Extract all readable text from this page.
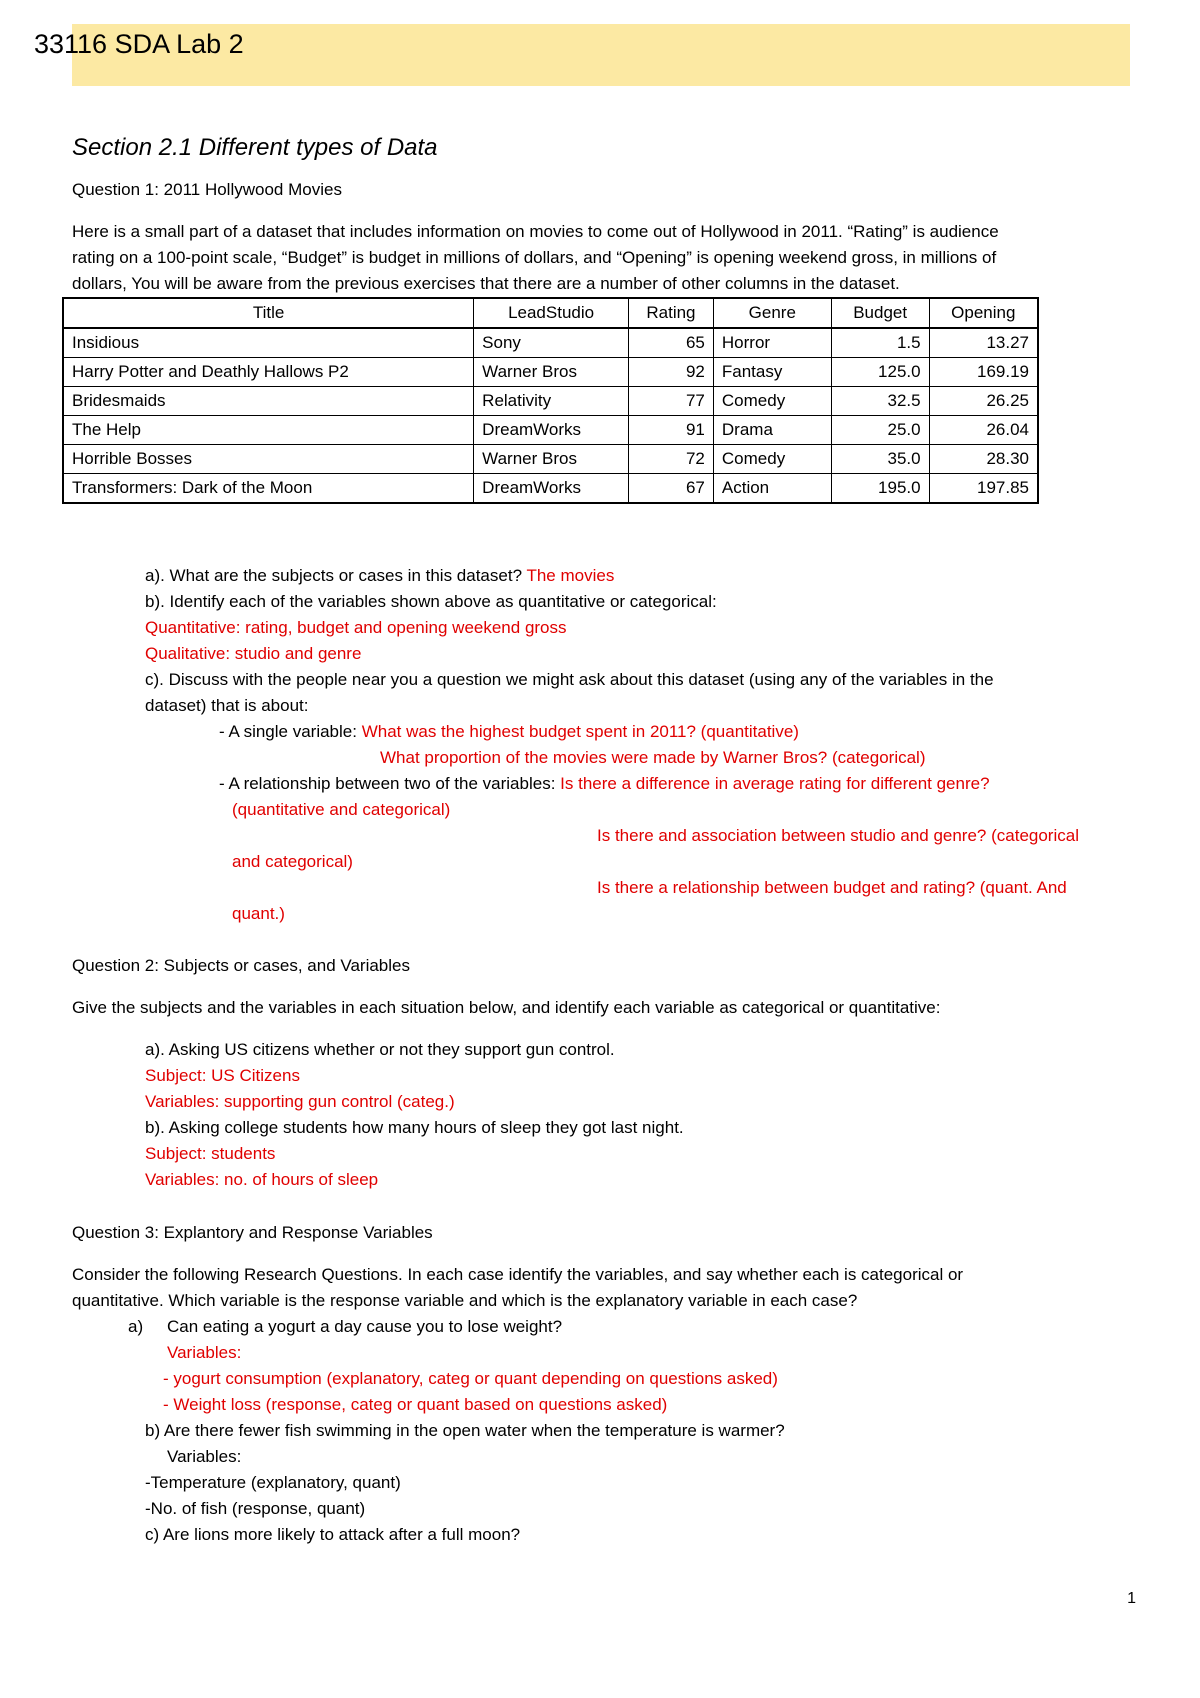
33116 SDA Lab 2
Section 2.1 Different types of Data
Question 1: 2011 Hollywood Movies
Here is a small part of a dataset that includes information on movies to come out of Hollywood in 2011. “Rating” is audience
rating on a 100-point scale, “Budget” is budget in millions of dollars, and “Opening” is opening weekend gross, in millions of
dollars, You will be aware from the previous exercises that there are a number of other columns in the dataset.
Title	LeadStudio	Rating	Genre	Budget	Opening
Insidious	Sony	65	Horror	1.5	13.27
Harry Potter and Deathly Hallows P2	Warner Bros	92	Fantasy	125.0	169.19
Bridesmaids	Relativity	77	Comedy	32.5	26.25
The Help	DreamWorks	91	Drama	25.0	26.04
Horrible Bosses	Warner Bros	72	Comedy	35.0	28.30
Transformers: Dark of the Moon	DreamWorks	67	Action	195.0	197.85
a). What are the subjects or cases in this dataset? The movies
b). Identify each of the variables shown above as quantitative or categorical:
Quantitative: rating, budget and opening weekend gross
Qualitative: studio and genre
c). Discuss with the people near you a question we might ask about this dataset (using any of the variables in the
dataset) that is about:
- A single variable: What was the highest budget spent in 2011? (quantitative)
What proportion of the movies were made by Warner Bros? (categorical)
- A relationship between two of the variables: Is there a difference in average rating for different genre?
(quantitative and categorical)
Is there and association between studio and genre? (categorical
and categorical)
Is there a relationship between budget and rating? (quant. And
quant.)
Question 2: Subjects or cases, and Variables
Give the subjects and the variables in each situation below, and identify each variable as categorical or quantitative:
a). Asking US citizens whether or not they support gun control.
Subject: US Citizens
Variables: supporting gun control (categ.)
b). Asking college students how many hours of sleep they got last night.
Subject: students
Variables: no. of hours of sleep
Question 3: Explantory and Response Variables
Consider the following Research Questions. In each case identify the variables, and say whether each is categorical or
quantitative. Which variable is the response variable and which is the explanatory variable in each case?
a) Can eating a yogurt a day cause you to lose weight?
Variables:
- yogurt consumption (explanatory, categ or quant depending on questions asked)
- Weight loss (response, categ or quant based on questions asked)
b) Are there fewer fish swimming in the open water when the temperature is warmer?
Variables:
-Temperature (explanatory, quant)
-No. of fish (response, quant)
c) Are lions more likely to attack after a full moon?
1
